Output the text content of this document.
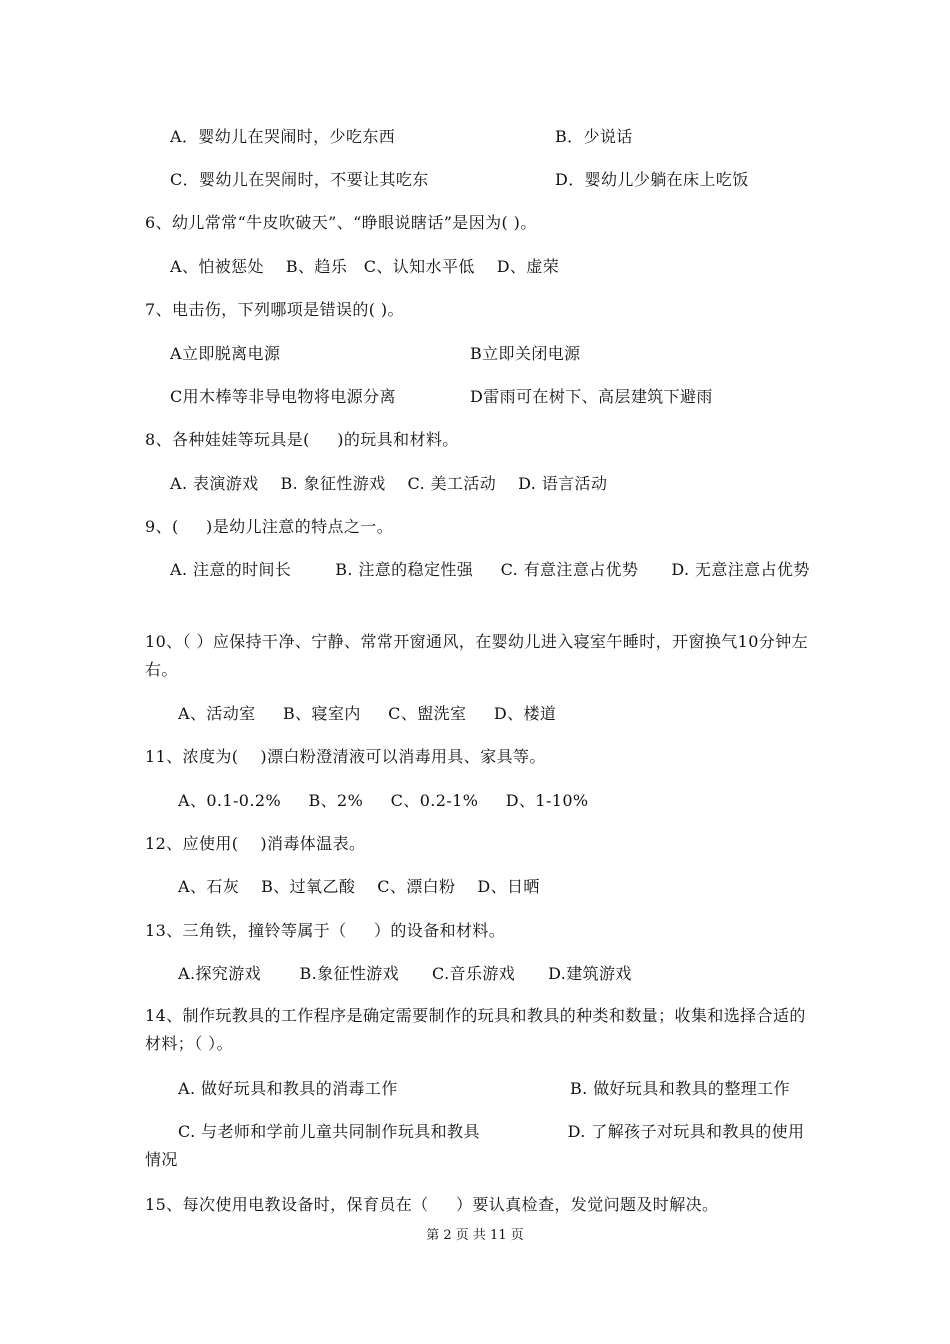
A．婴幼儿在哭闹时，少吃东西	B．少说话
C．婴幼儿在哭闹时，不要让其吃东	D．婴幼儿少躺在床上吃饭
6、幼儿常常“牛皮吹破天”、“睁眼说瞎话”是因为( )。
A、怕被惩处    B、趋乐   C、认知水平低    D、虚荣
7、电击伤，下列哪项是错误的( )。
A立即脱离电源	B立即关闭电源
C用木棒等非导电物将电源分离	D雷雨可在树下、高层建筑下避雨
8、各种娃娃等玩具是(     )的玩具和材料。
A. 表演游戏    B. 象征性游戏    C. 美工活动    D. 语言活动
9、(     )是幼儿注意的特点之一。
A. 注意的时间长        B. 注意的稳定性强     C. 有意注意占优势      D. 无意注意占优势
10、（ ）应保持干净、宁静、常常开窗通风，在婴幼儿进入寝室午睡时，开窗换气10分钟左右。
A、活动室     B、寝室内     C、盥洗室     D、楼道
11、浓度为(    )漂白粉澄清液可以消毒用具、家具等。
A、0.1-0.2%     B、2%     C、0.2-1%     D、1-10%
12、应使用(    )消毒体温表。
A、石灰    B、过氧乙酸    C、漂白粉    D、日晒
13、三角铁，撞铃等属于（     ）的设备和材料。
A.探究游戏       B.象征性游戏      C.音乐游戏      D.建筑游戏
14、制作玩教具的工作程序是确定需要制作的玩具和教具的种类和数量；收集和选择合适的材料；（ ）。
A. 做好玩具和教具的消毒工作	B. 做好玩具和教具的整理工作
C. 与老师和学前儿童共同制作玩具和教具                D. 了解孩子对玩具和教具的使用情况
15、每次使用电教设备时，保育员在（     ）要认真检查，发觉问题及时解决。
第 2 页 共 11 页
